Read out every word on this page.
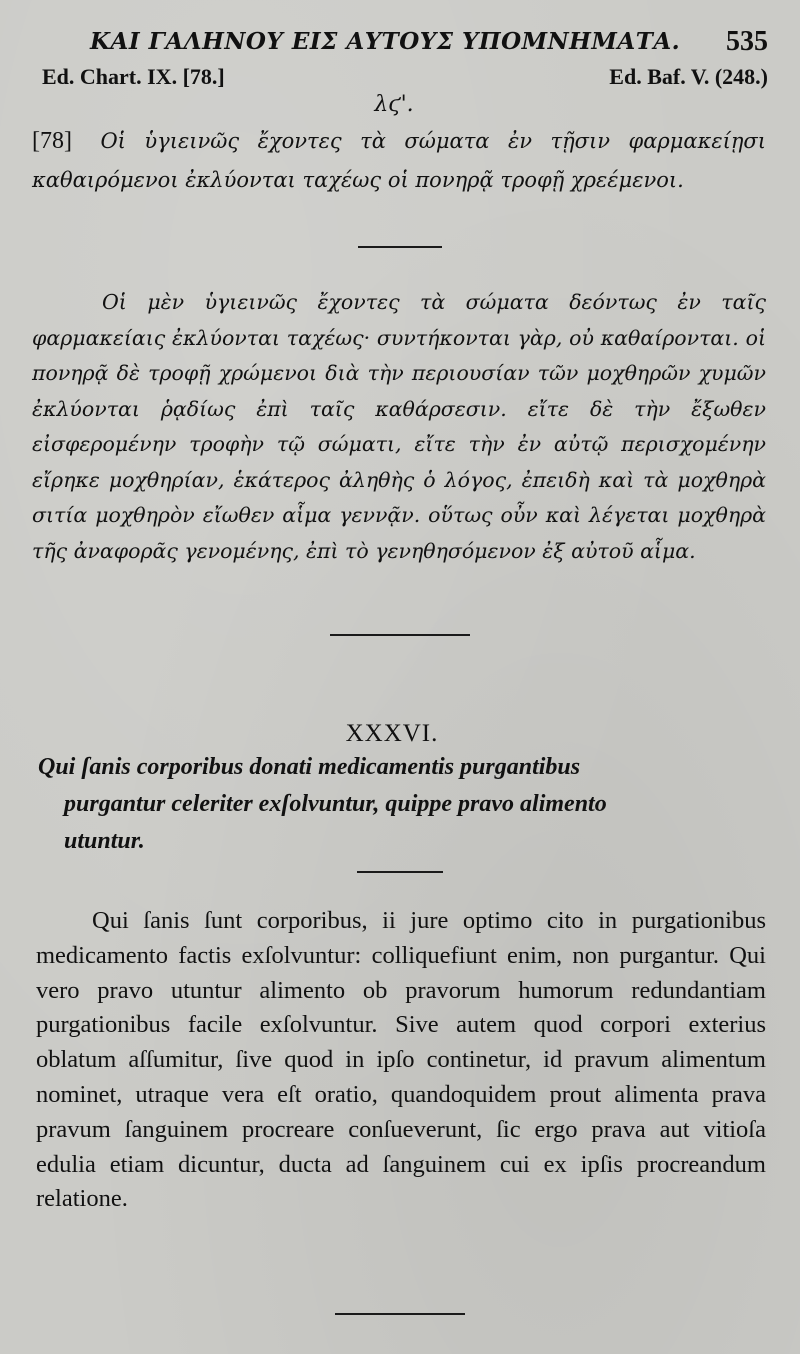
ΚΑΙ ΓΑΛΗΝΟΥ ΕΙΣ ΑΥΤΟΥΣ ΥΠΟΜΝΗΜΑΤΑ. 535
Ed. Chart. IX. [78.]	Ed. Baf. V. (248.)
λϛ'.
[78] Οἱ ὑγιεινῶς ἔχοντες τὰ σώματα ἐν τῇσιν φαρμακείῃσι καθαιρόμενοι ἐκλύονται ταχέως οἱ πονηρᾷ τροφῇ χρεέμενοι.
Οἱ μὲν ὑγιεινῶς ἔχοντες τὰ σώματα δεόντως ἐν ταῖς φαρμακείαις ἐκλύονται ταχέως· συντήκονται γὰρ, οὐ καθαίρονται. οἱ πονηρᾷ δὲ τροφῇ χρώμενοι διὰ τὴν περιουσίαν τῶν μοχθηρῶν χυμῶν ἐκλύονται ῥᾳδίως ἐπὶ ταῖς καθάρσεσιν. εἴτε δὲ τὴν ἔξωθεν εἰσφερομένην τροφὴν τῷ σώματι, εἴτε τὴν ἐν αὐτῷ περισχομένην εἴρηκε μοχθηρίαν, ἑκάτερος ἀληθὴς ὁ λόγος, ἐπειδὴ καὶ τὰ μοχθηρὰ σιτία μοχθηρὸν εἴωθεν αἷμα γεννᾷν. οὕτως οὖν καὶ λέγεται μοχθηρὰ τῆς ἀναφορᾶς γενομένης, ἐπὶ τὸ γενηθησόμενον ἐξ αὐτοῦ αἷμα.
XXXVI.
Qui ſanis corporibus donati medicamentis purgantibus
purgantur celeriter exſolvuntur, quippe pravo alimento
utuntur.
Qui ſanis ſunt corporibus, ii jure optimo cito in purgationibus medicamento factis exſolvuntur: colliquefiunt enim, non purgantur. Qui vero pravo utuntur alimento ob pravorum humorum redundantiam purgationibus facile exſolvuntur. Sive autem quod corpori exterius oblatum aſſumitur, ſive quod in ipſo continetur, id pravum alimentum nominet, utraque vera eſt oratio, quandoquidem prout alimenta prava pravum ſanguinem procreare conſueverunt, ſic ergo prava aut vitioſa edulia etiam dicuntur, ducta ad ſanguinem cui ex ipſis procreandum relatione.
